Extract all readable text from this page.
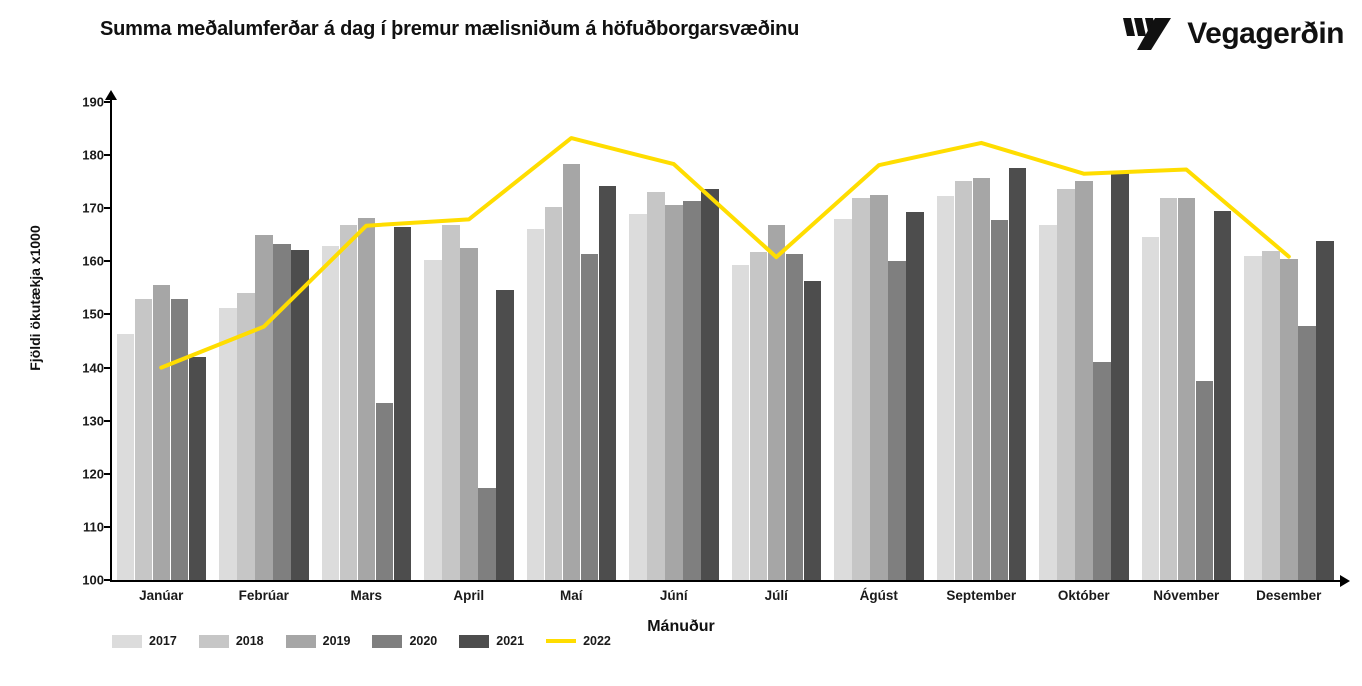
Summa meðalumferðar á dag í þremur mælisniðum á höfuðborgarsvæðinu	Vegagerðin
Fjöldi ökutækja x1000
100
110
120
130
140
150
160
170
180
190
Janúar	Febrúar	Mars	April	Maí	Júní	Júlí	Ágúst	September	Október	Nóvember	Desember
Mánuður
2017	2018	2019	2020	2021	2022
